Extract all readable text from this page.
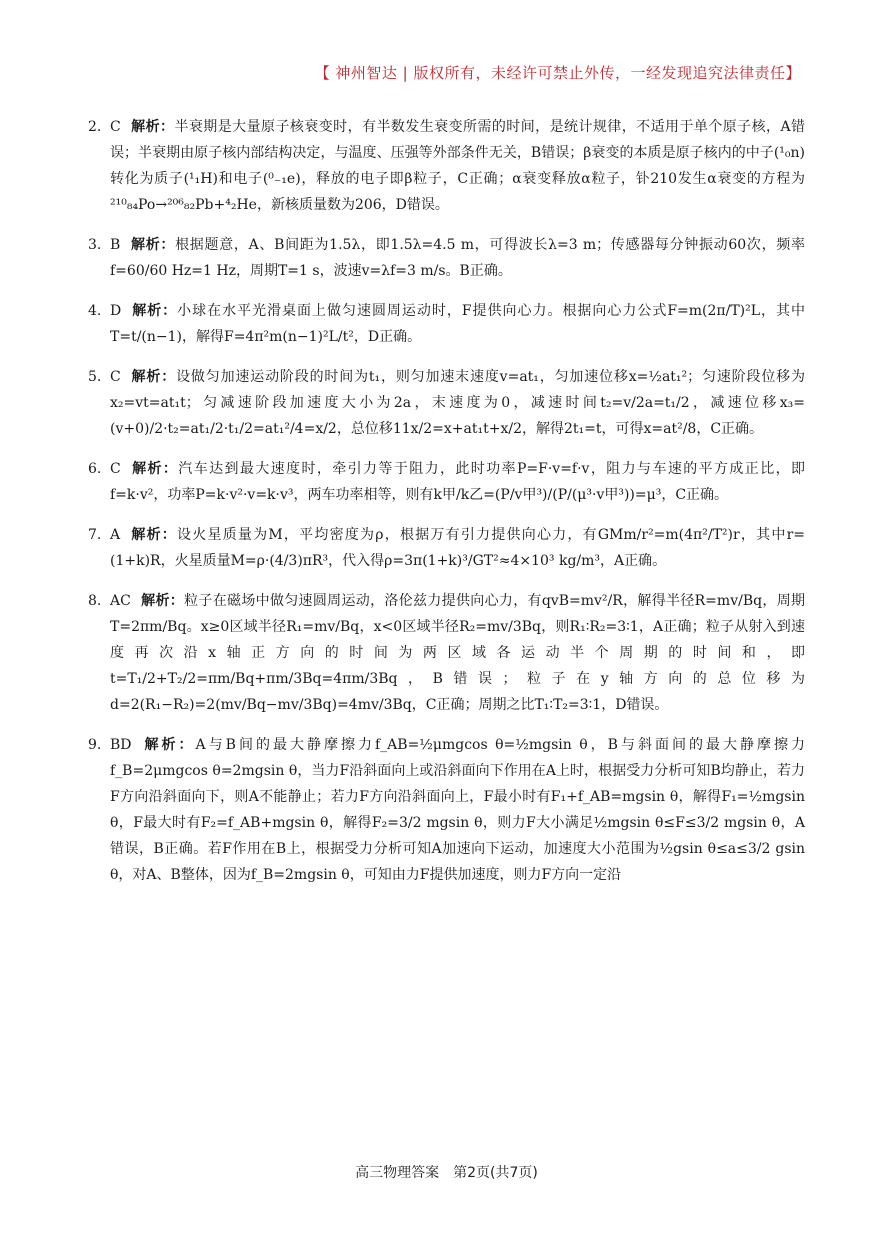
【 神州智达 | 版权所有，未经许可禁止外传，一经发现追究法律责任】

2. C 解析：半衰期是大量原子核衰变时，有半数发生衰变所需的时间，是统计规律，不适用于单个原子核，A错误；半衰期由原子核内部结构决定，与温度、压强等外部条件无关，B错误；β衰变的本质是原子核内的中子(¹₀n)转化为质子(¹₁H)和电子(⁰₋₁e)，释放的电子即β粒子，C正确；α衰变释放α粒子，钋210发生α衰变的方程为²¹⁰₈₄Po→²⁰⁶₈₂Pb+⁴₂He，新核质量数为206，D错误。

3. B 解析：根据题意，A、B间距为1.5λ，即1.5λ=4.5 m，可得波长λ=3 m；传感器每分钟振动60次，频率f=60/60 Hz=1 Hz，周期T=1 s，波速v=λf=3 m/s。B正确。

4. D 解析：小球在水平光滑桌面上做匀速圆周运动时，F提供向心力。根据向心力公式F=m(2π/T)²L，其中T=t/(n−1)，解得F=4π²m(n−1)²L/t²，D正确。

5. C 解析：设做匀加速运动阶段的时间为t₁，则匀加速末速度v=at₁，匀加速位移x=½at₁²；匀速阶段位移为x₂=vt=at₁t；匀减速阶段加速度大小为2a，末速度为0，减速时间t₂=v/2a=t₁/2，减速位移x₃=(v+0)/2·t₂=at₁/2·t₁/2=at₁²/4=x/2，总位移11x/2=x+at₁t+x/2，解得2t₁=t，可得x=at²/8，C正确。

6. C 解析：汽车达到最大速度时，牵引力等于阻力，此时功率P=F·v=f·v，阻力与车速的平方成正比，即f=k·v²，功率P=k·v²·v=k·v³，两车功率相等，则有k甲/k乙=(P/v甲³)/(P/(μ³·v甲³))=μ³，C正确。

7. A 解析：设火星质量为M，平均密度为ρ，根据万有引力提供向心力，有GMm/r²=m(4π²/T²)r，其中r=(1+k)R，火星质量M=ρ·(4/3)πR³，代入得ρ=3π(1+k)³/GT²≈4×10³ kg/m³，A正确。

8. AC 解析：粒子在磁场中做匀速圆周运动，洛伦兹力提供向心力，有qvB=mv²/R，解得半径R=mv/Bq，周期T=2πm/Bq。x≥0区域半径R₁=mv/Bq，x<0区域半径R₂=mv/3Bq，则R₁∶R₂=3∶1，A正确；粒子从射入到速度再次沿x轴正方向的时间为两区域各运动半个周期的时间和，即t=T₁/2+T₂/2=πm/Bq+πm/3Bq=4πm/3Bq，B错误；粒子在y轴方向的总位移为d=2(R₁−R₂)=2(mv/Bq−mv/3Bq)=4mv/3Bq，C正确；周期之比T₁∶T₂=3∶1，D错误。

9. BD 解析：A与B间的最大静摩擦力f_AB=½μmgcos θ=½mgsin θ，B与斜面间的最大静摩擦力f_B=2μmgcos θ=2mgsin θ，当力F沿斜面向上或沿斜面向下作用在A上时，根据受力分析可知B均静止，若力F方向沿斜面向下，则A不能静止；若力F方向沿斜面向上，F最小时有F₁+f_AB=mgsin θ，解得F₁=½mgsin θ，F最大时有F₂=f_AB+mgsin θ，解得F₂=3/2 mgsin θ，则力F大小满足½mgsin θ≤F≤3/2 mgsin θ，A错误，B正确。若F作用在B上，根据受力分析可知A加速向下运动，加速度大小范围为½gsin θ≤a≤3/2 gsin θ，对A、B整体，因为f_B=2mgsin θ，可知由力F提供加速度，则力F方向一定沿

高三物理答案　第2页(共7页)
